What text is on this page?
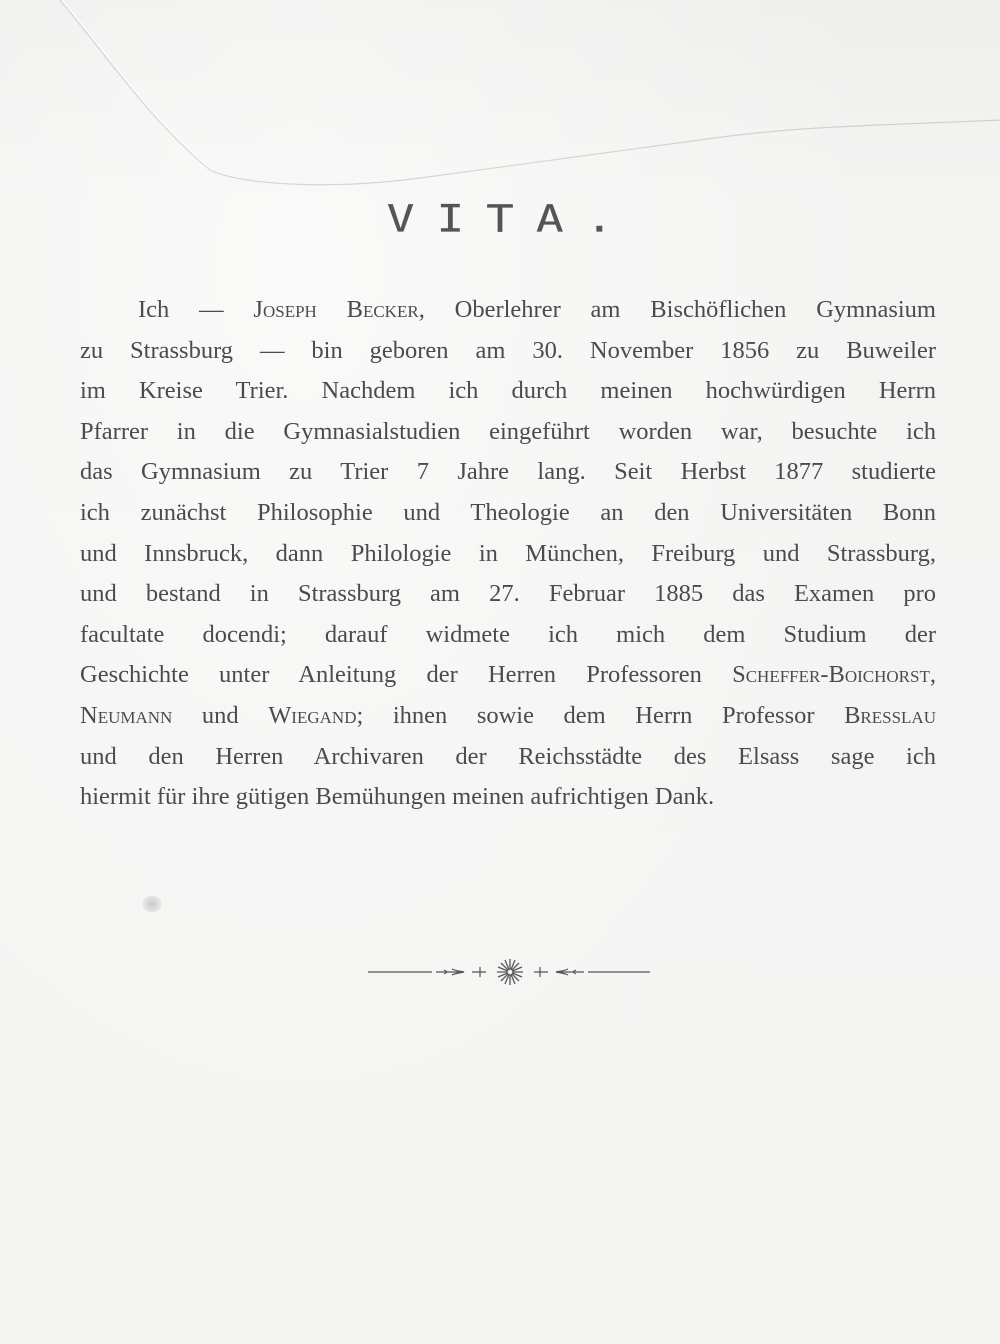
VITA.
Ich — Joseph Becker, Oberlehrer am Bischöflichen Gymnasium
zu Strassburg — bin geboren am 30. November 1856 zu Buweiler
im Kreise Trier. Nachdem ich durch meinen hochwürdigen Herrn
Pfarrer in die Gymnasialstudien eingeführt worden war, besuchte ich
das Gymnasium zu Trier 7 Jahre lang. Seit Herbst 1877 studierte
ich zunächst Philosophie und Theologie an den Universitäten Bonn
und Innsbruck, dann Philologie in München, Freiburg und Strassburg,
und bestand in Strassburg am 27. Februar 1885 das Examen pro
facultate docendi; darauf widmete ich mich dem Studium der
Geschichte unter Anleitung der Herren Professoren Scheffer-Boichorst,
Neumann und Wiegand; ihnen sowie dem Herrn Professor Bresslau
und den Herren Archivaren der Reichsstädte des Elsass sage ich
hiermit für ihre gütigen Bemühungen meinen aufrichtigen Dank.
